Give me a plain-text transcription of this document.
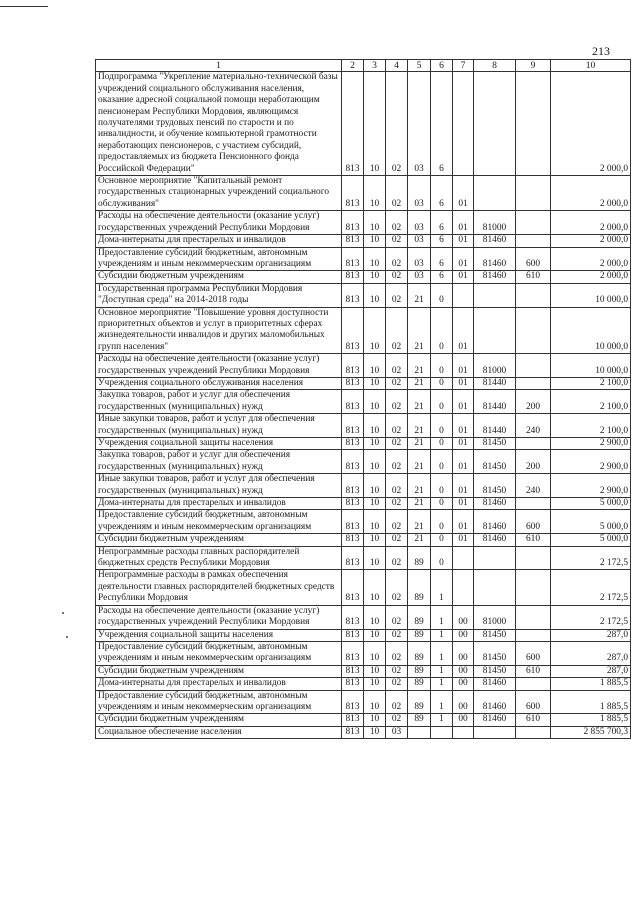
213
1	2	3	4	5	6	7	8	9	10
Подпрограмма "Укрепление материально-технической базы учреждений социального обслуживания населения, оказание адресной социальной помощи неработающим пенсионерам Республики Мордовия, являющимся получателями трудовых пенсий по старости и по инвалидности, и обучение компьютерной грамотности неработающих пенсионеров, с участием субсидий, предоставляемых из бюджета Пенсионного фонда Российской Федерации"	813	10	02	03	6				2 000,0
Основное мероприятие "Капитальный ремонт государственных стационарных учреждений социального обслуживания"	813	10	02	03	6	01			2 000,0
Расходы на обеспечение деятельности (оказание услуг) государственных учреждений Республики Мордовия	813	10	02	03	6	01	81000		2 000,0
Дома-интернаты для престарелых и инвалидов	813	10	02	03	6	01	81460		2 000,0
Предоставление субсидий бюджетным, автономным учреждениям и иным некоммерческим организациям	813	10	02	03	6	01	81460	600	2 000,0
Субсидии бюджетным учреждениям	813	10	02	03	6	01	81460	610	2 000,0
Государственная программа Республики Мордовия "Доступная среда" на 2014-2018 годы	813	10	02	21	0				10 000,0
Основное мероприятие "Повышение уровня доступности приоритетных объектов и услуг в приоритетных сферах жизнедеятельности инвалидов и других маломобильных групп населения"	813	10	02	21	0	01			10 000,0
Расходы на обеспечение деятельности (оказание услуг) государственных учреждений Республики Мордовия	813	10	02	21	0	01	81000		10 000,0
Учреждения социального обслуживания населения	813	10	02	21	0	01	81440		2 100,0
Закупка товаров, работ и услуг для обеспечения государственных (муниципальных) нужд	813	10	02	21	0	01	81440	200	2 100,0
Иные закупки товаров, работ и услуг для обеспечения государственных (муниципальных) нужд	813	10	02	21	0	01	81440	240	2 100,0
Учреждения социальной защиты населения	813	10	02	21	0	01	81450		2 900,0
Закупка товаров, работ и услуг для обеспечения государственных (муниципальных) нужд	813	10	02	21	0	01	81450	200	2 900,0
Иные закупки товаров, работ и услуг для обеспечения государственных (муниципальных) нужд	813	10	02	21	0	01	81450	240	2 900,0
Дома-интернаты для престарелых и инвалидов	813	10	02	21	0	01	81460		5 000,0
Предоставление субсидий бюджетным, автономным учреждениям и иным некоммерческим организациям	813	10	02	21	0	01	81460	600	5 000,0
Субсидии бюджетным учреждениям	813	10	02	21	0	01	81460	610	5 000,0
Непрограммные расходы главных распорядителей бюджетных средств Республики Мордовия	813	10	02	89	0				2 172,5
Непрограммные расходы в рамках обеспечения деятельности главных распорядителей бюджетных средств Республики Мордовия	813	10	02	89	1				2 172,5
Расходы на обеспечение деятельности (оказание услуг) государственных учреждений Республики Мордовия	813	10	02	89	1	00	81000		2 172,5
Учреждения социальной защиты населения	813	10	02	89	1	00	81450		287,0
Предоставление субсидий бюджетным, автономным учреждениям и иным некоммерческим организациям	813	10	02	89	1	00	81450	600	287,0
Субсидии бюджетным учреждениям	813	10	02	89	1	00	81450	610	287,0
Дома-интернаты для престарелых и инвалидов	813	10	02	89	1	00	81460		1 885,5
Предоставление субсидий бюджетным, автономным учреждениям и иным некоммерческим организациям	813	10	02	89	1	00	81460	600	1 885,5
Субсидии бюджетным учреждениям	813	10	02	89	1	00	81460	610	1 885,5
Социальное обеспечение населения	813	10	03						2 855 700,3
